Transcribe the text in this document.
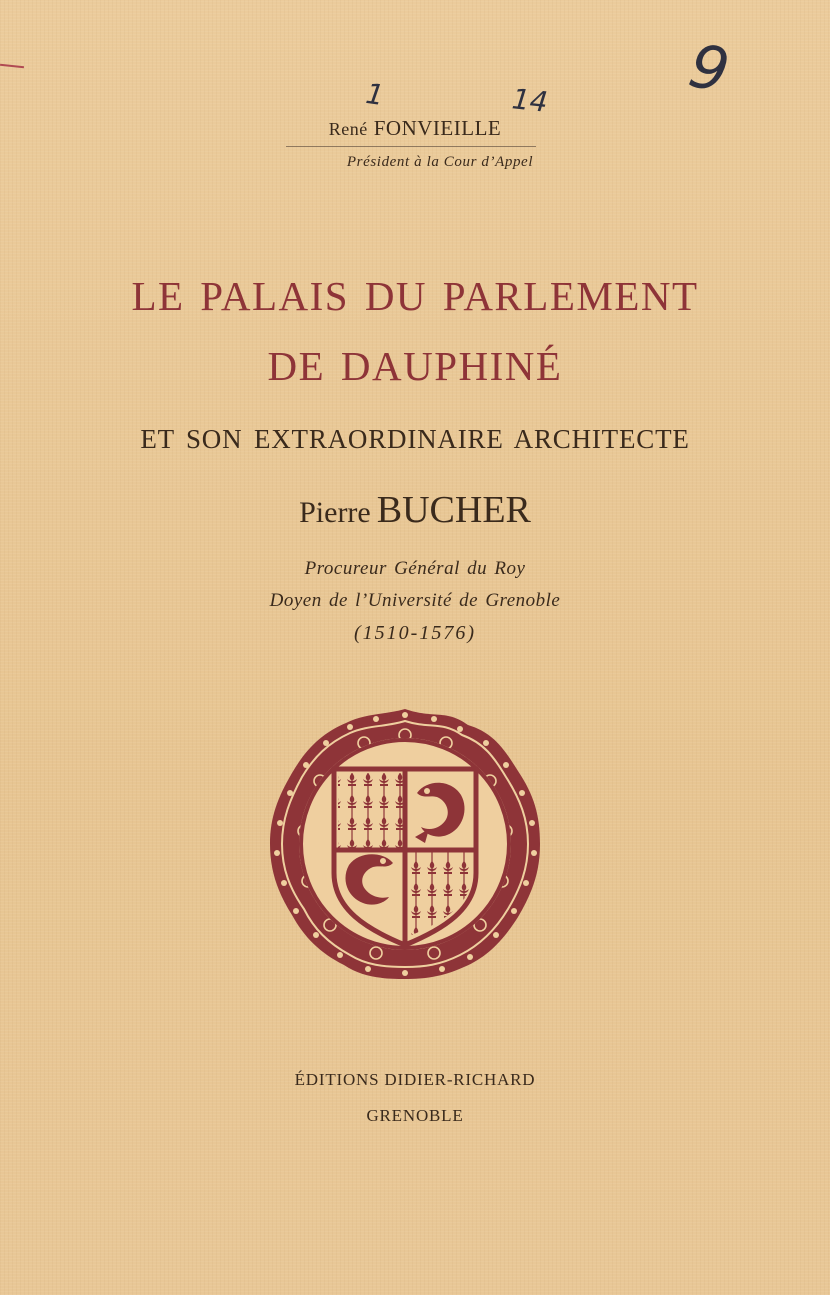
1	14 9
René FONVIEILLE
Président à la Cour d’Appel
LE PALAIS DU PARLEMENT
DE DAUPHINÉ
ET SON EXTRAORDINAIRE ARCHITECTE
Pierre BUCHER
Procureur Général du Roy
Doyen de l’Université de Grenoble
(1510-1576)
ÉDITIONS DIDIER-RICHARD
GRENOBLE
